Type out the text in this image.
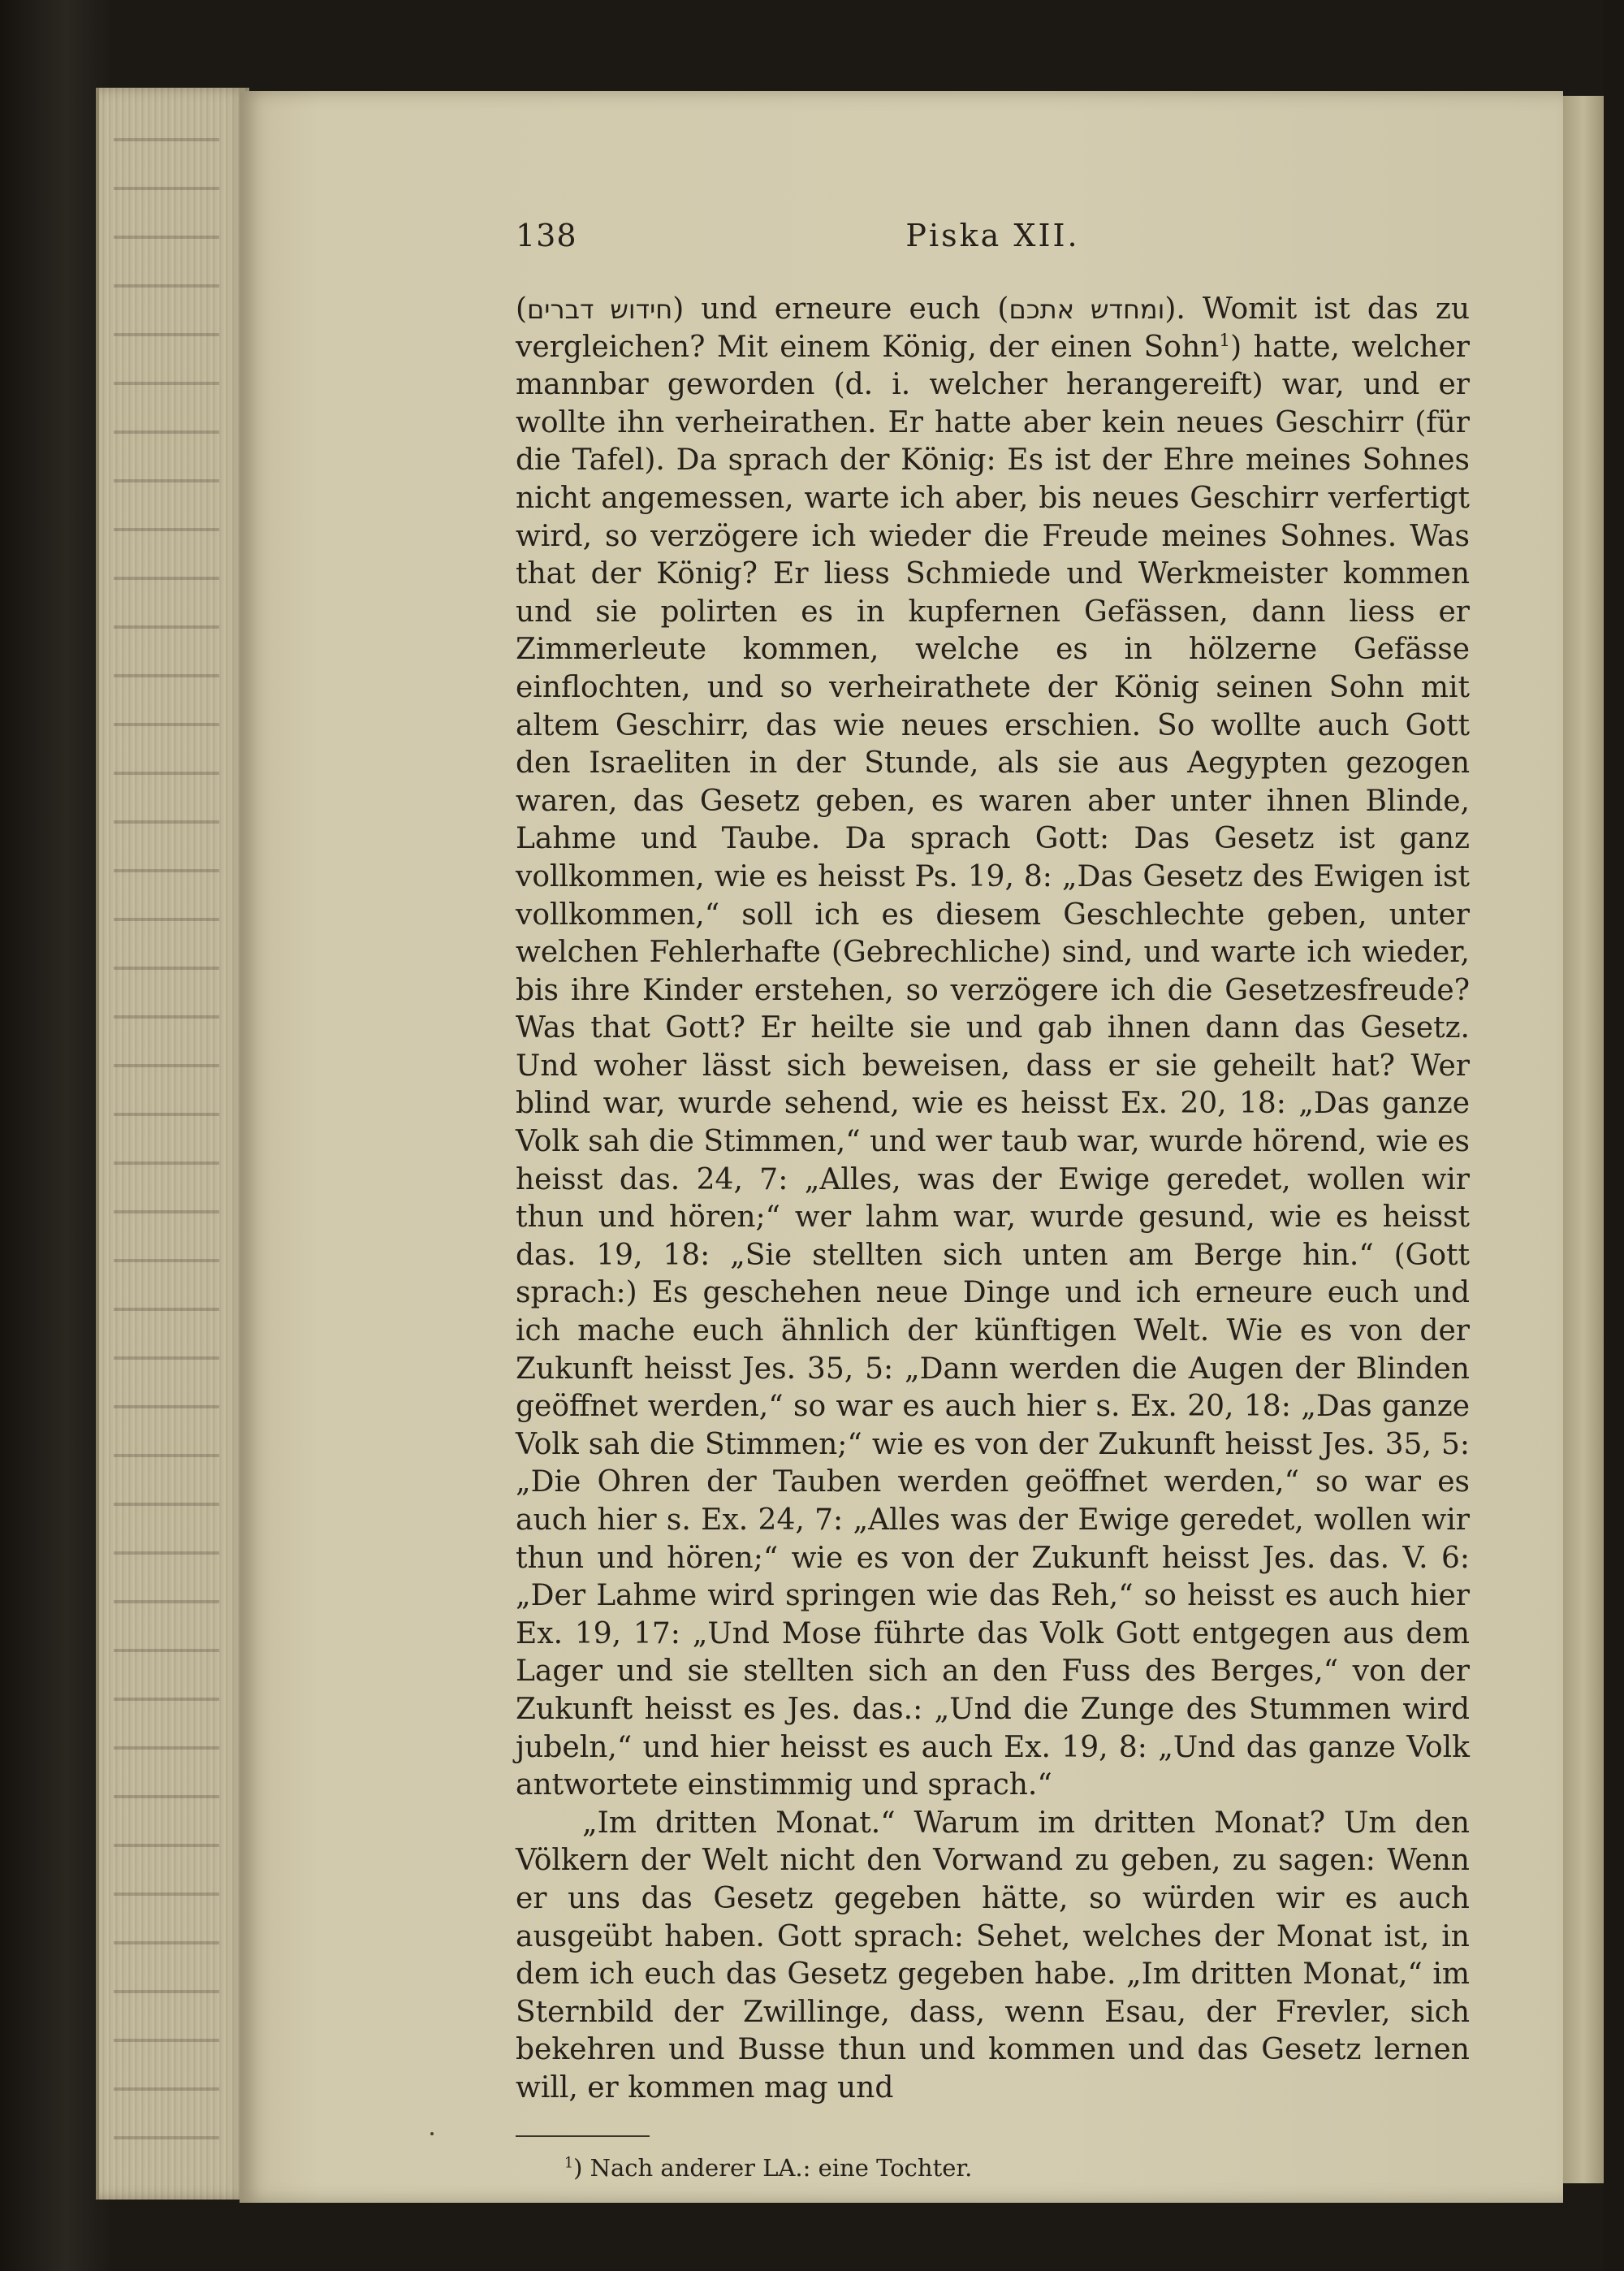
138	Piska XII.

(חידוש דברים) und erneure euch (ומחדש אתכם). Womit ist das zu vergleichen? Mit einem König, der einen Sohn$^1$) hatte, welcher mannbar geworden (d. i. welcher herangereift) war, und er wollte ihn verheirathen. Er hatte aber kein neues Geschirr (für die Tafel). Da sprach der König: Es ist der Ehre meines Sohnes nicht angemessen, warte ich aber, bis neues Geschirr verfertigt wird, so verzögere ich wieder die Freude meines Sohnes. Was that der König? Er liess Schmiede und Werkmeister kommen und sie polirten es in kupfernen Gefässen, dann liess er Zimmerleute kommen, welche es in hölzerne Gefässe einflochten, und so verheirathete der König seinen Sohn mit altem Geschirr, das wie neues erschien. So wollte auch Gott den Israeliten in der Stunde, als sie aus Aegypten gezogen waren, das Gesetz geben, es waren aber unter ihnen Blinde, Lahme und Taube. Da sprach Gott: Das Gesetz ist ganz vollkommen, wie es heisst Ps. 19, 8: „Das Gesetz des Ewigen ist vollkommen,“ soll ich es diesem Geschlechte geben, unter welchen Fehlerhafte (Gebrechliche) sind, und warte ich wieder, bis ihre Kinder erstehen, so verzögere ich die Gesetzesfreude? Was that Gott? Er heilte sie und gab ihnen dann das Gesetz. Und woher lässt sich beweisen, dass er sie geheilt hat? Wer blind war, wurde sehend, wie es heisst Ex. 20, 18: „Das ganze Volk sah die Stimmen,“ und wer taub war, wurde hörend, wie es heisst das. 24, 7: „Alles, was der Ewige geredet, wollen wir thun und hören;“ wer lahm war, wurde gesund, wie es heisst das. 19, 18: „Sie stellten sich unten am Berge hin.“ (Gott sprach:) Es geschehen neue Dinge und ich erneure euch und ich mache euch ähnlich der künftigen Welt. Wie es von der Zukunft heisst Jes. 35, 5: „Dann werden die Augen der Blinden geöffnet werden,“ so war es auch hier s. Ex. 20, 18: „Das ganze Volk sah die Stimmen;“ wie es von der Zukunft heisst Jes. 35, 5: „Die Ohren der Tauben werden geöffnet werden,“ so war es auch hier s. Ex. 24, 7: „Alles was der Ewige geredet, wollen wir thun und hören;“ wie es von der Zukunft heisst Jes. das. V. 6: „Der Lahme wird springen wie das Reh,“ so heisst es auch hier Ex. 19, 17: „Und Mose führte das Volk Gott entgegen aus dem Lager und sie stellten sich an den Fuss des Berges,“ von der Zukunft heisst es Jes. das.: „Und die Zunge des Stummen wird jubeln,“ und hier heisst es auch Ex. 19, 8: „Und das ganze Volk antwortete einstimmig und sprach.“

„Im dritten Monat.“ Warum im dritten Monat? Um den Völkern der Welt nicht den Vorwand zu geben, zu sagen: Wenn er uns das Gesetz gegeben hätte, so würden wir es auch ausgeübt haben. Gott sprach: Sehet, welches der Monat ist, in dem ich euch das Gesetz gegeben habe. „Im dritten Monat,“ im Sternbild der Zwillinge, dass, wenn Esau, der Frevler, sich bekehren und Busse thun und kommen und das Gesetz lernen will, er kommen mag und

$^1$) Nach anderer LA.: eine Tochter.
